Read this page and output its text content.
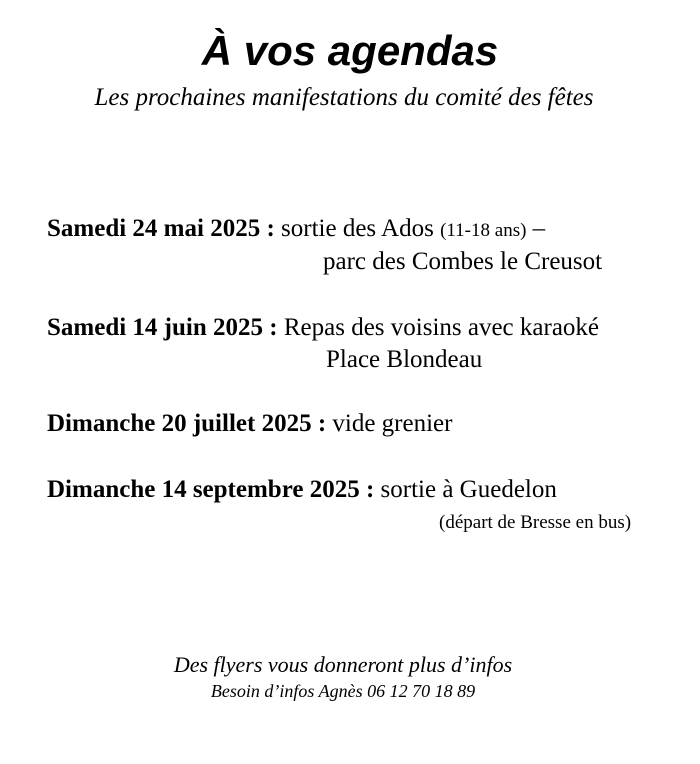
À vos agendas

Les prochaines manifestations du comité des fêtes

Samedi 24 mai 2025 : sortie des Ados (11-18 ans) –
parc des Combes le Creusot
Samedi 14 juin 2025 : Repas des voisins avec karaoké
Place Blondeau
Dimanche 20 juillet 2025 : vide grenier
Dimanche 14 septembre 2025 : sortie à Guedelon
(départ de Bresse en bus)

Des flyers vous donneront plus d’infos

Besoin d’infos Agnès 06 12 70 18 89
